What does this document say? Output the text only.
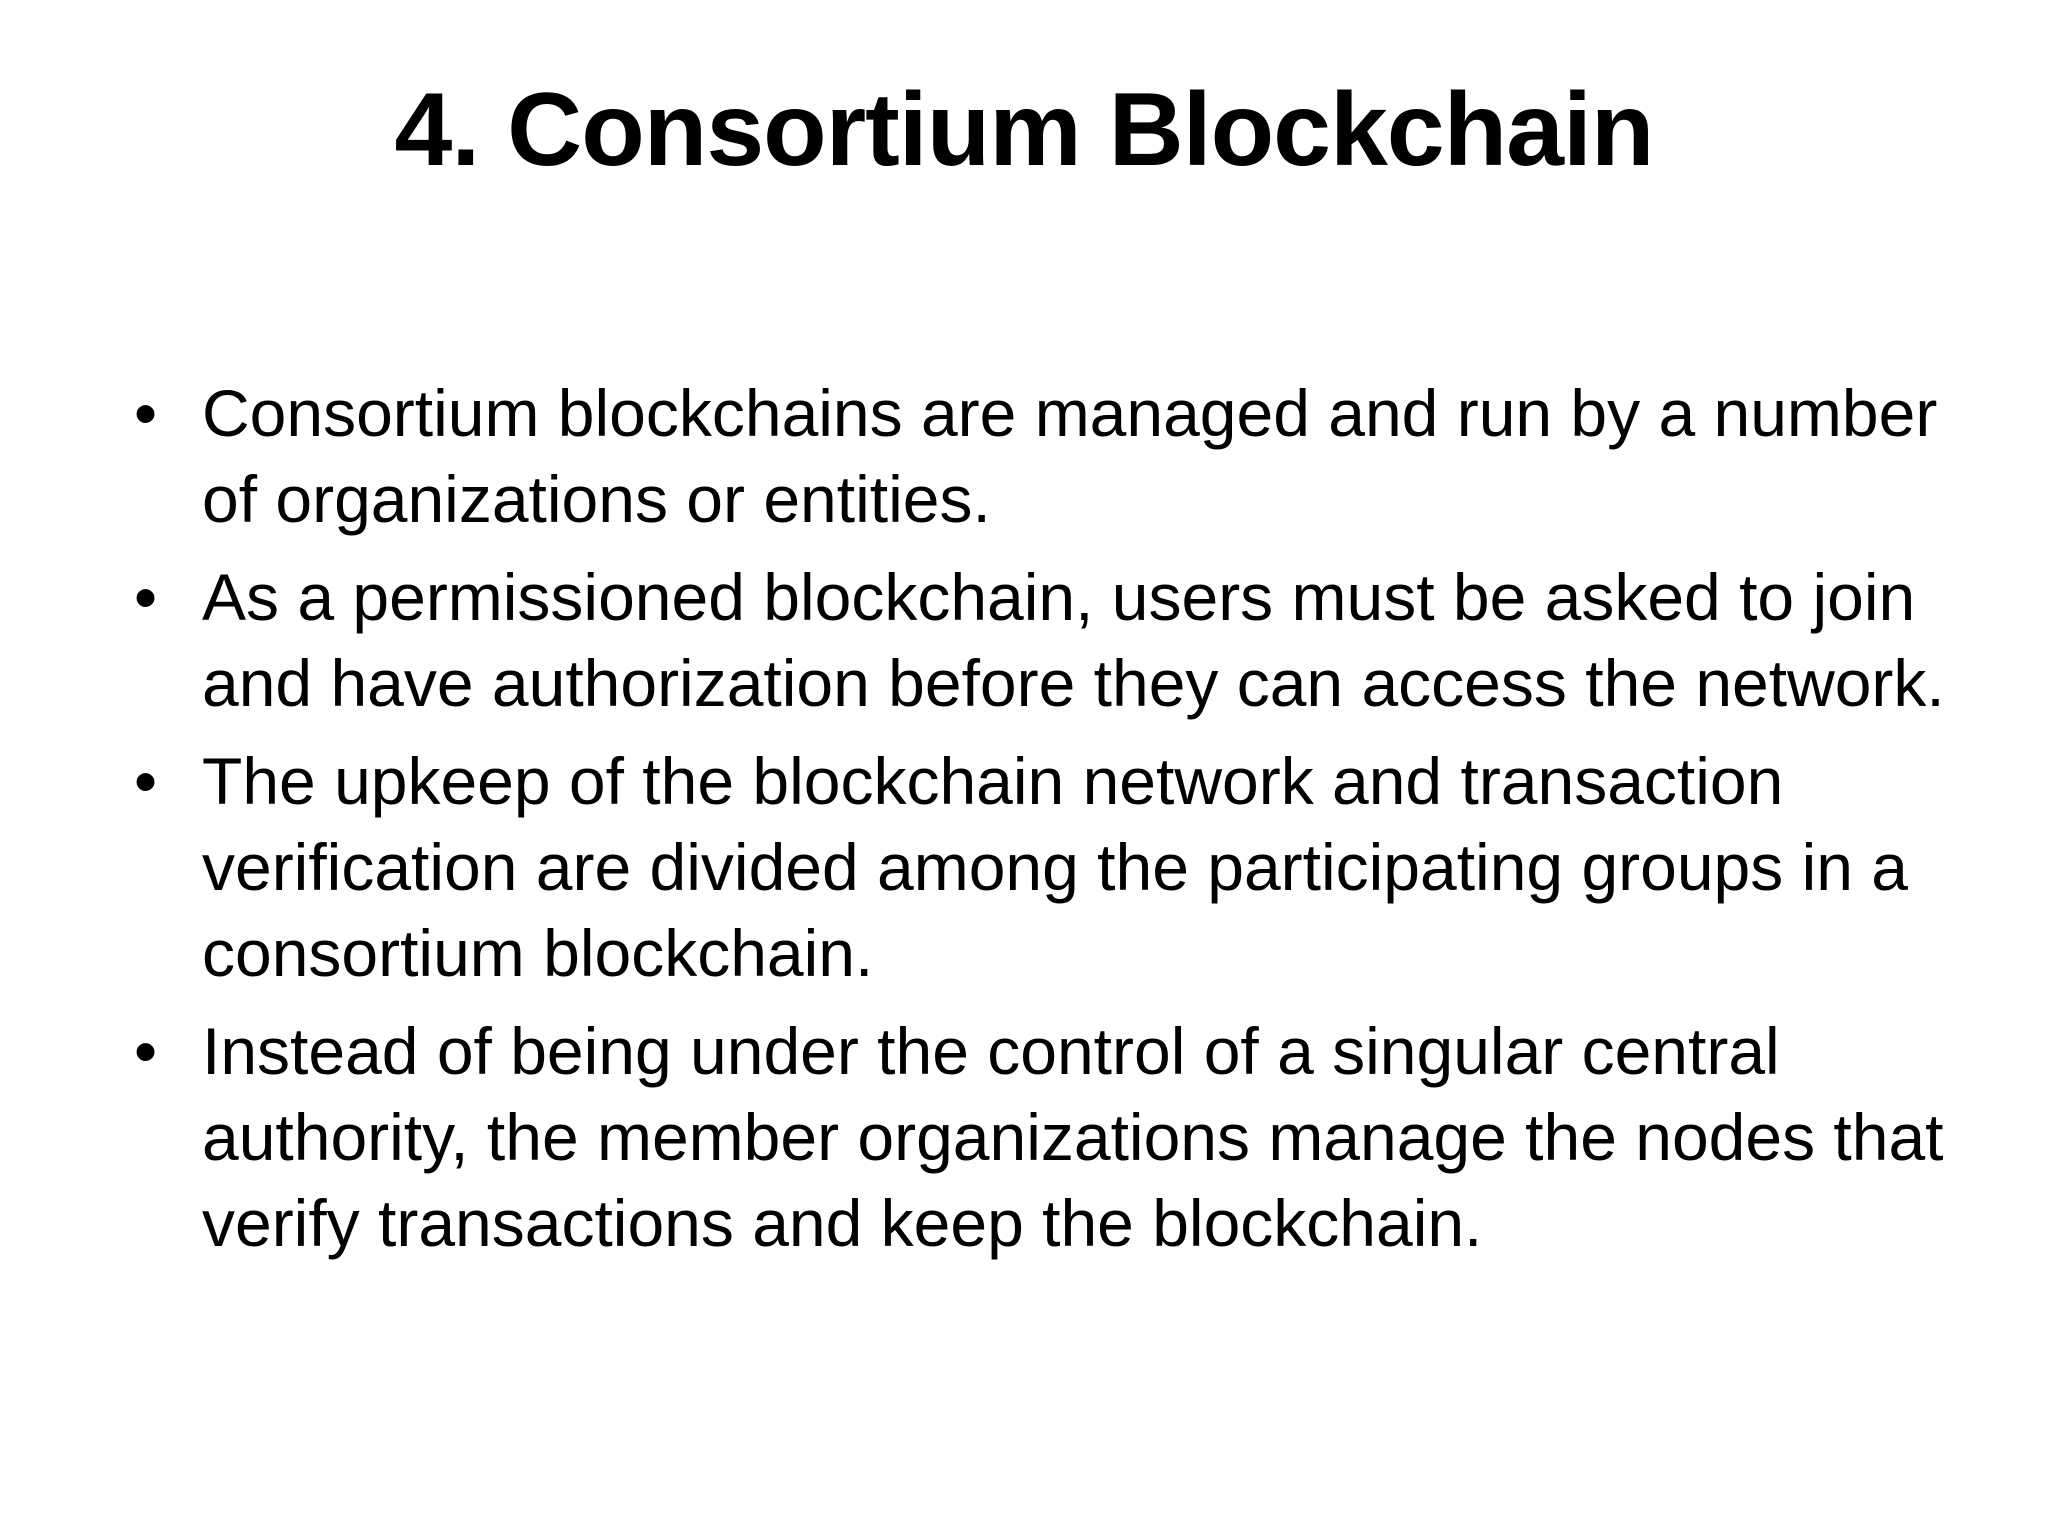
4. Consortium Blockchain
• Consortium blockchains are managed and run by a number of organizations or entities.
• As a permissioned blockchain, users must be asked to join and have authorization before they can access the network.
• The upkeep of the blockchain network and transaction verification are divided among the participating groups in a consortium blockchain.
• Instead of being under the control of a singular central authority, the member organizations manage the nodes that verify transactions and keep the blockchain.
